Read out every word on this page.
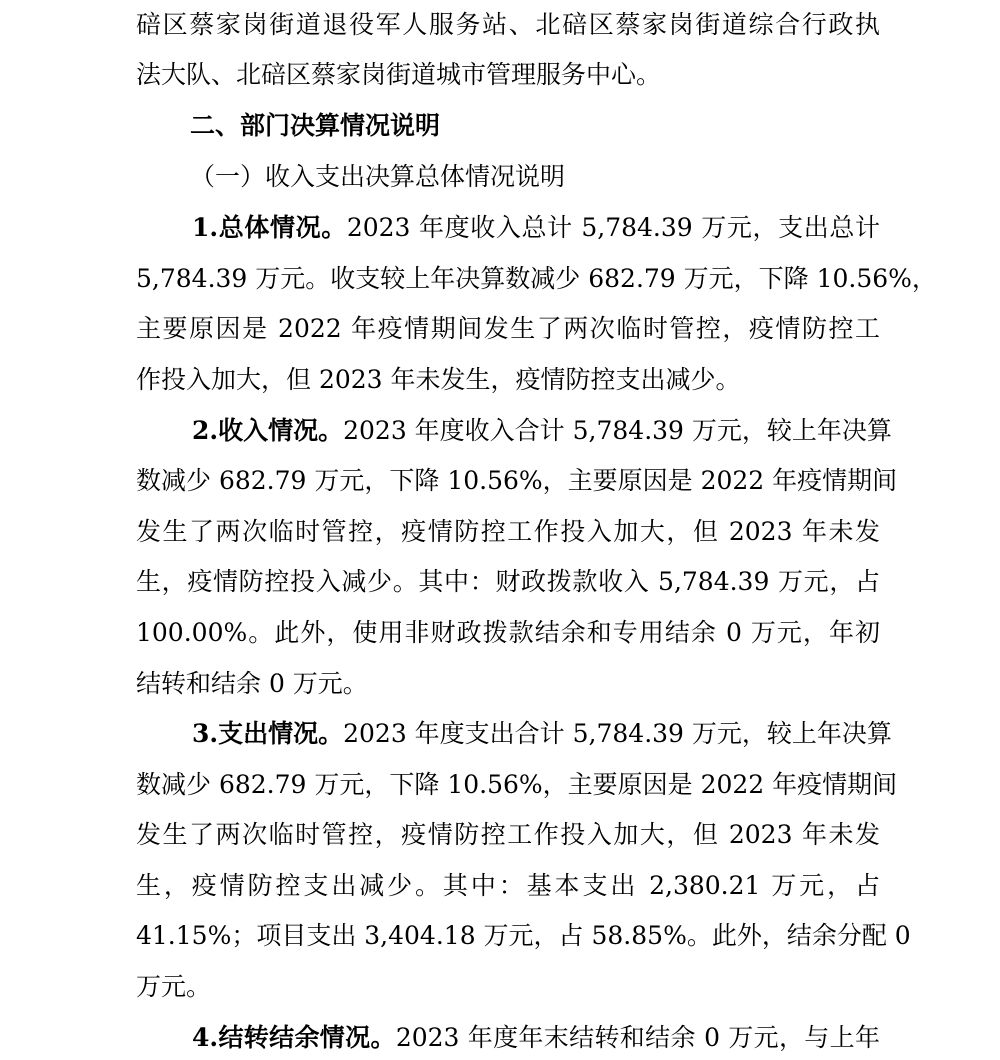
碚区蔡家岗街道退役军人服务站、北碚区蔡家岗街道综合行政执
法大队、北碚区蔡家岗街道城市管理服务中心。
二、部门决算情况说明
（一）收入支出决算总体情况说明
1.总体情况。2023 年度收入总计 5,784.39 万元，支出总计
5,784.39 万元。收支较上年决算数减少 682.79 万元，下降 10.56%，
主要原因是 2022 年疫情期间发生了两次临时管控，疫情防控工
作投入加大，但 2023 年未发生，疫情防控支出减少。
2.收入情况。2023 年度收入合计 5,784.39 万元，较上年决算
数减少 682.79 万元，下降 10.56%，主要原因是 2022 年疫情期间
发生了两次临时管控，疫情防控工作投入加大，但 2023 年未发
生，疫情防控投入减少。其中：财政拨款收入 5,784.39 万元，占
100.00%。此外，使用非财政拨款结余和专用结余 0 万元，年初
结转和结余 0 万元。
3.支出情况。2023 年度支出合计 5,784.39 万元，较上年决算
数减少 682.79 万元，下降 10.56%，主要原因是 2022 年疫情期间
发生了两次临时管控，疫情防控工作投入加大，但 2023 年未发
生，疫情防控支出减少。其中：基本支出 2,380.21 万元，占
41.15%；项目支出 3,404.18 万元，占 58.85%。此外，结余分配 0
万元。
4.结转结余情况。2023 年度年末结转和结余 0 万元，与上年
